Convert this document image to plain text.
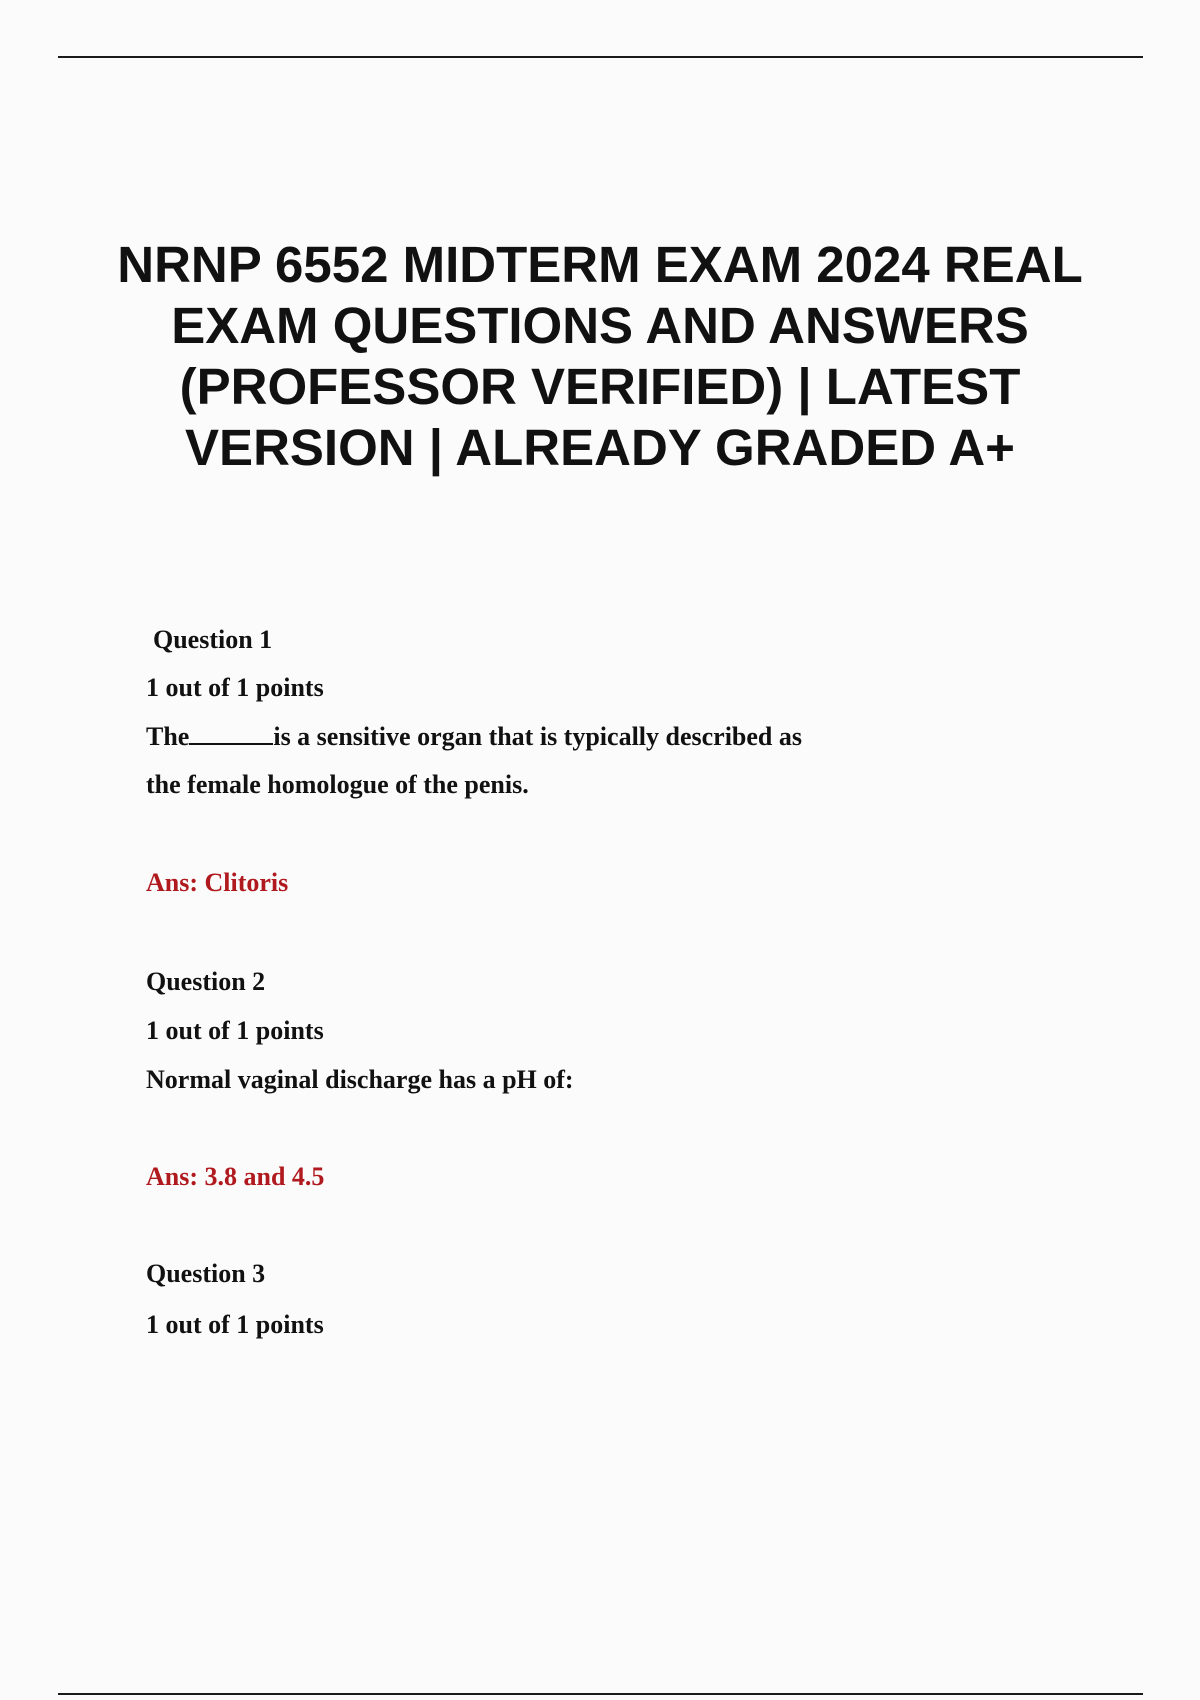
NRNP 6552 MIDTERM EXAM 2024 REAL EXAM QUESTIONS AND ANSWERS (PROFESSOR VERIFIED) | LATEST VERSION | ALREADY GRADED A+

Question 1

1 out of 1 points

The	is a sensitive organ that is typically described as

the female homologue of the penis.

Ans: Clitoris

Question 2

1 out of 1 points

Normal vaginal discharge has a pH of:

Ans: 3.8 and 4.5

Question 3

1 out of 1 points
